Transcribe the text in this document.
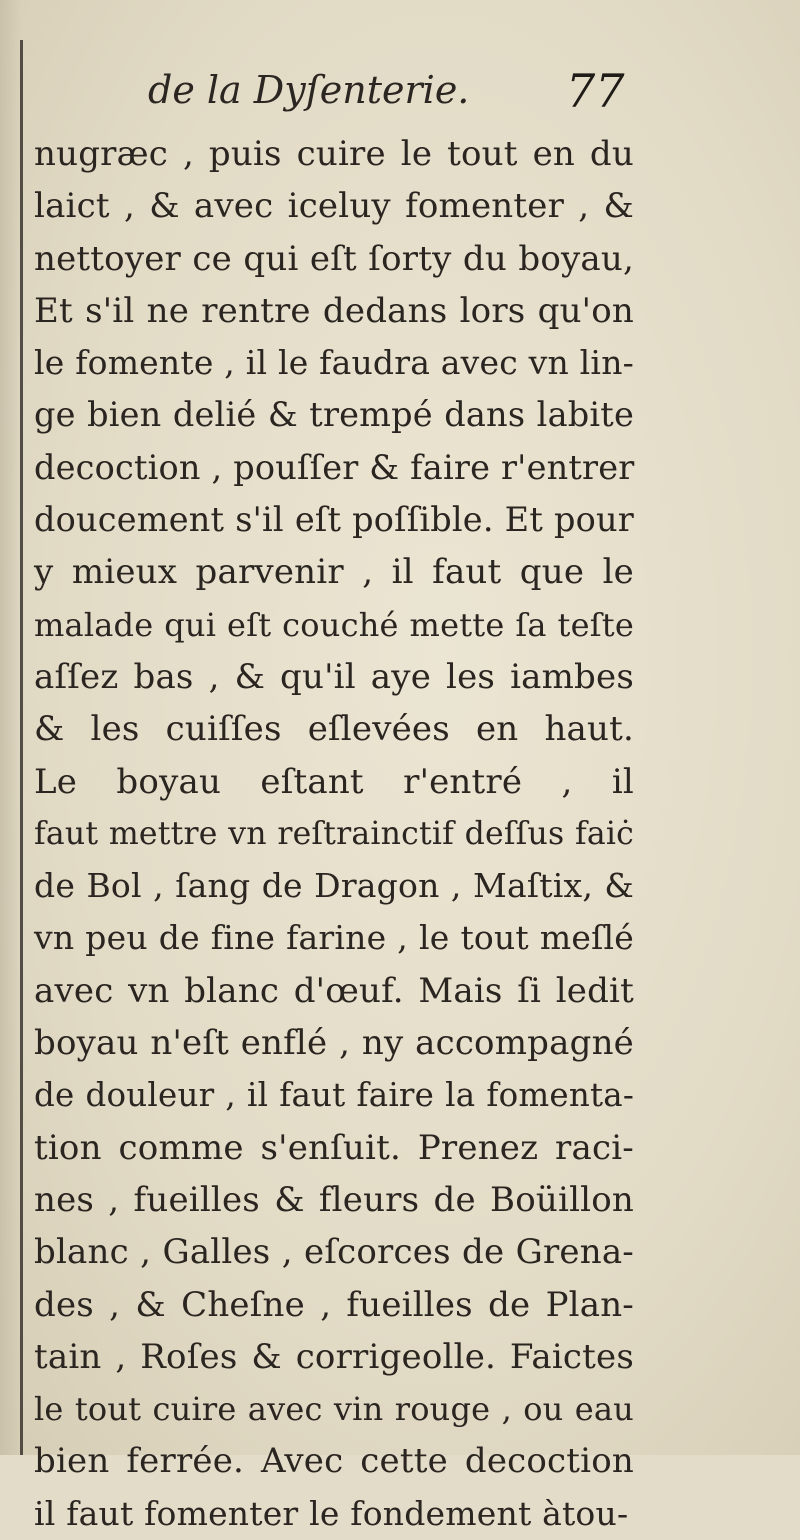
de la Dyſenterie. 77
nugræc , puis cuire le tout en du
laict , & avec iceluy fomenter , &
nettoyer ce qui eſt ſorty du boyau,
Et s'il ne rentre dedans lors qu'on
le fomente , il le faudra avec vn lin-
ge bien delié & trempé dans labite
decoction , pouſſer & faire r'entrer
doucement s'il eſt poſſible. Et pour
y mieux parvenir , il faut que le
malade qui eſt couché mette ſa teſte
aſſez bas , & qu'il aye les iambes
& les cuiſſes eſlevées en haut.
Le boyau eſtant r'entré , il
faut mettre vn reſtrainctif deſſus faiċ
de Bol , ſang de Dragon , Maſtix, &
vn peu de fine farine , le tout meſlé
avec vn blanc d'œuf. Mais ſi ledit
boyau n'eſt enflé , ny accompagné
de douleur , il faut faire la fomenta-
tion comme s'enſuit. Prenez raci-
nes , fueilles & fleurs de Boüillon
blanc , Galles , eſcorces de Grena-
des , & Cheſne , fueilles de Plan-
tain , Roſes & corrigeolle. Faictes
le tout cuire avec vin rouge , ou eau
bien ferrée. Avec cette decoction
il faut fomenter le fondement àtou-
